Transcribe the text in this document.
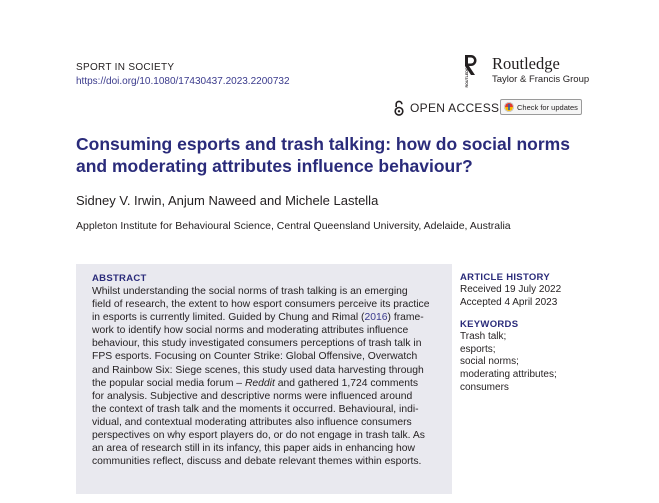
SPORT IN SOCIETY
https://doi.org/10.1080/17430437.2023.2200732	ROUTLEDGE
Routledge
Taylor & Francis Group
OPEN ACCESS Check for updates
Consuming esports and trash talking: how do social norms
and moderating attributes influence behaviour?
Sidney V. Irwin, Anjum Naweed and Michele Lastella
Appleton Institute for Behavioural Science, Central Queensland University, Adelaide, Australia
ABSTRACT
Whilst understanding the social norms of trash talking is an emerging
field of research, the extent to how esport consumers perceive its practice
in esports is currently limited. Guided by Chung and Rimal (2016) frame-
work to identify how social norms and moderating attributes influence
behaviour, this study investigated consumers perceptions of trash talk in
FPS esports. Focusing on Counter Strike: Global Offensive, Overwatch
and Rainbow Six: Siege scenes, this study used data harvesting through
the popular social media forum – Reddit and gathered 1,724 comments
for analysis. Subjective and descriptive norms were influenced around
the context of trash talk and the moments it occurred. Behavioural, indi-
vidual, and contextual moderating attributes also influence consumers
perspectives on why esport players do, or do not engage in trash talk. As
an area of research still in its infancy, this paper aids in enhancing how
communities reflect, discuss and debate relevant themes within esports.
ARTICLE HISTORY
Received 19 July 2022
Accepted 4 April 2023
KEYWORDS
Trash talk;
esports;
social norms;
moderating attributes;
consumers
